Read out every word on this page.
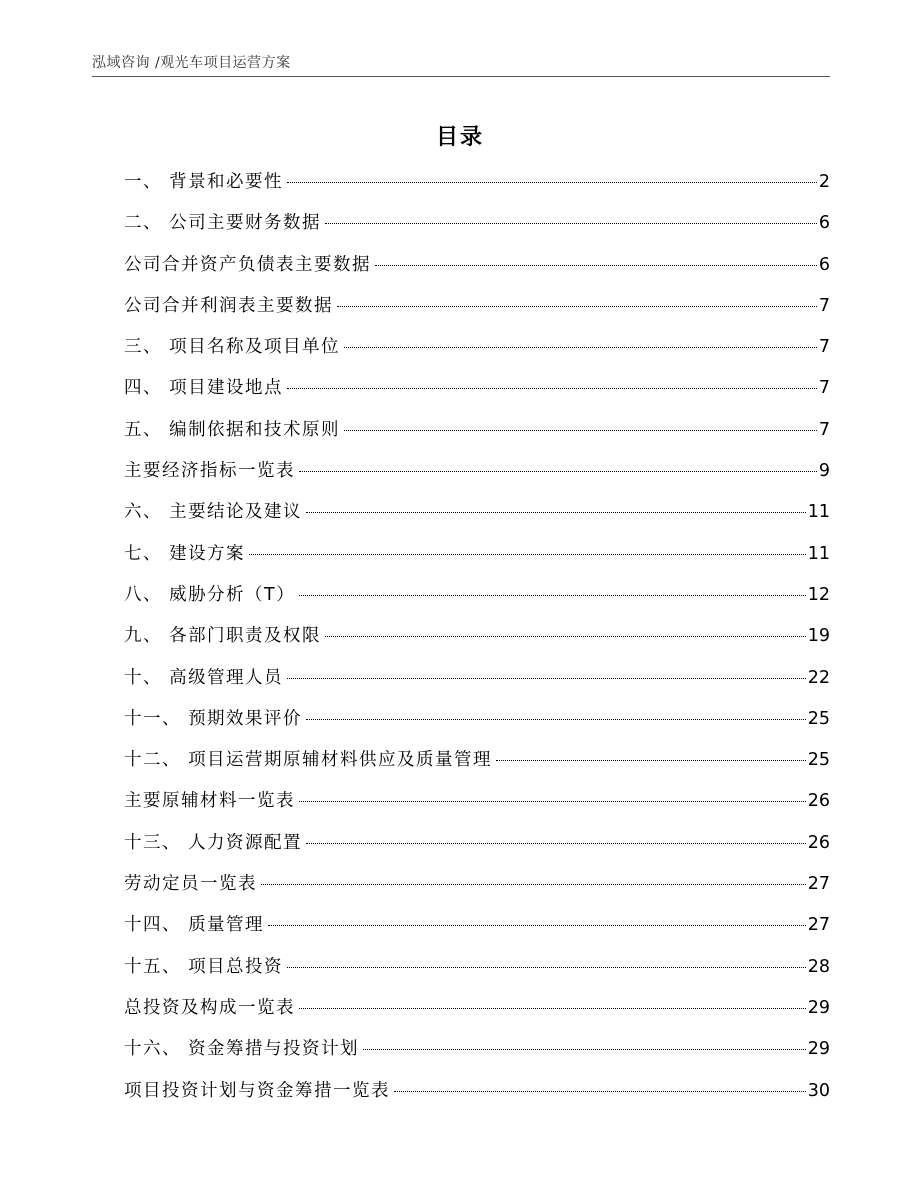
泓域咨询 /观光车项目运营方案
目录
一、 背景和必要性	2
二、 公司主要财务数据	6
公司合并资产负债表主要数据	6
公司合并利润表主要数据	7
三、 项目名称及项目单位	7
四、 项目建设地点	7
五、 编制依据和技术原则	7
主要经济指标一览表	9
六、 主要结论及建议	11
七、 建设方案	11
八、 威胁分析（T）	12
九、 各部门职责及权限	19
十、 高级管理人员	22
十一、 预期效果评价	25
十二、 项目运营期原辅材料供应及质量管理	25
主要原辅材料一览表	26
十三、 人力资源配置	26
劳动定员一览表	27
十四、 质量管理	27
十五、 项目总投资	28
总投资及构成一览表	29
十六、 资金筹措与投资计划	29
项目投资计划与资金筹措一览表	30
